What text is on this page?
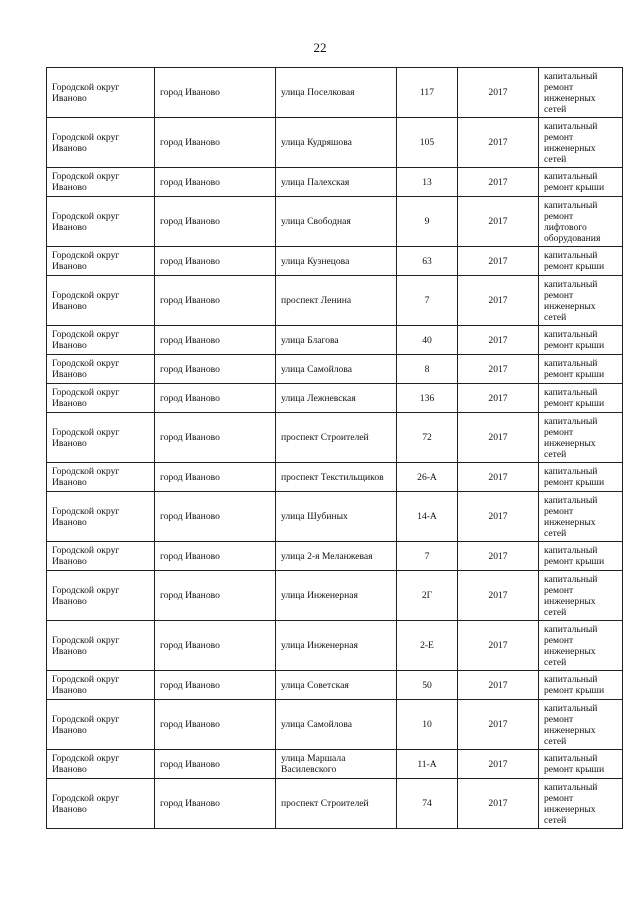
22
Городской округ Иваново	город Иваново	улица Поселковая	117	2017	капитальный ремонт инженерных сетей
Городской округ Иваново	город Иваново	улица Кудряшова	105	2017	капитальный ремонт инженерных сетей
Городской округ Иваново	город Иваново	улица Палехская	13	2017	капитальный ремонт крыши
Городской округ Иваново	город Иваново	улица Свободная	9	2017	капитальный ремонт лифтового оборудования
Городской округ Иваново	город Иваново	улица Кузнецова	63	2017	капитальный ремонт крыши
Городской округ Иваново	город Иваново	проспект Ленина	7	2017	капитальный ремонт инженерных сетей
Городской округ Иваново	город Иваново	улица Благова	40	2017	капитальный ремонт крыши
Городской округ Иваново	город Иваново	улица Самойлова	8	2017	капитальный ремонт крыши
Городской округ Иваново	город Иваново	улица Лежневская	136	2017	капитальный ремонт крыши
Городской округ Иваново	город Иваново	проспект Строителей	72	2017	капитальный ремонт инженерных сетей
Городской округ Иваново	город Иваново	проспект Текстильщиков	26-А	2017	капитальный ремонт крыши
Городской округ Иваново	город Иваново	улица Шубиных	14-А	2017	капитальный ремонт инженерных сетей
Городской округ Иваново	город Иваново	улица 2-я Меланжевая	7	2017	капитальный ремонт крыши
Городской округ Иваново	город Иваново	улица Инженерная	2Г	2017	капитальный ремонт инженерных сетей
Городской округ Иваново	город Иваново	улица Инженерная	2-Е	2017	капитальный ремонт инженерных сетей
Городской округ Иваново	город Иваново	улица Советская	50	2017	капитальный ремонт крыши
Городской округ Иваново	город Иваново	улица Самойлова	10	2017	капитальный ремонт инженерных сетей
Городской округ Иваново	город Иваново	улица Маршала Василевского	11-А	2017	капитальный ремонт крыши
Городской округ Иваново	город Иваново	проспект Строителей	74	2017	капитальный ремонт инженерных сетей
